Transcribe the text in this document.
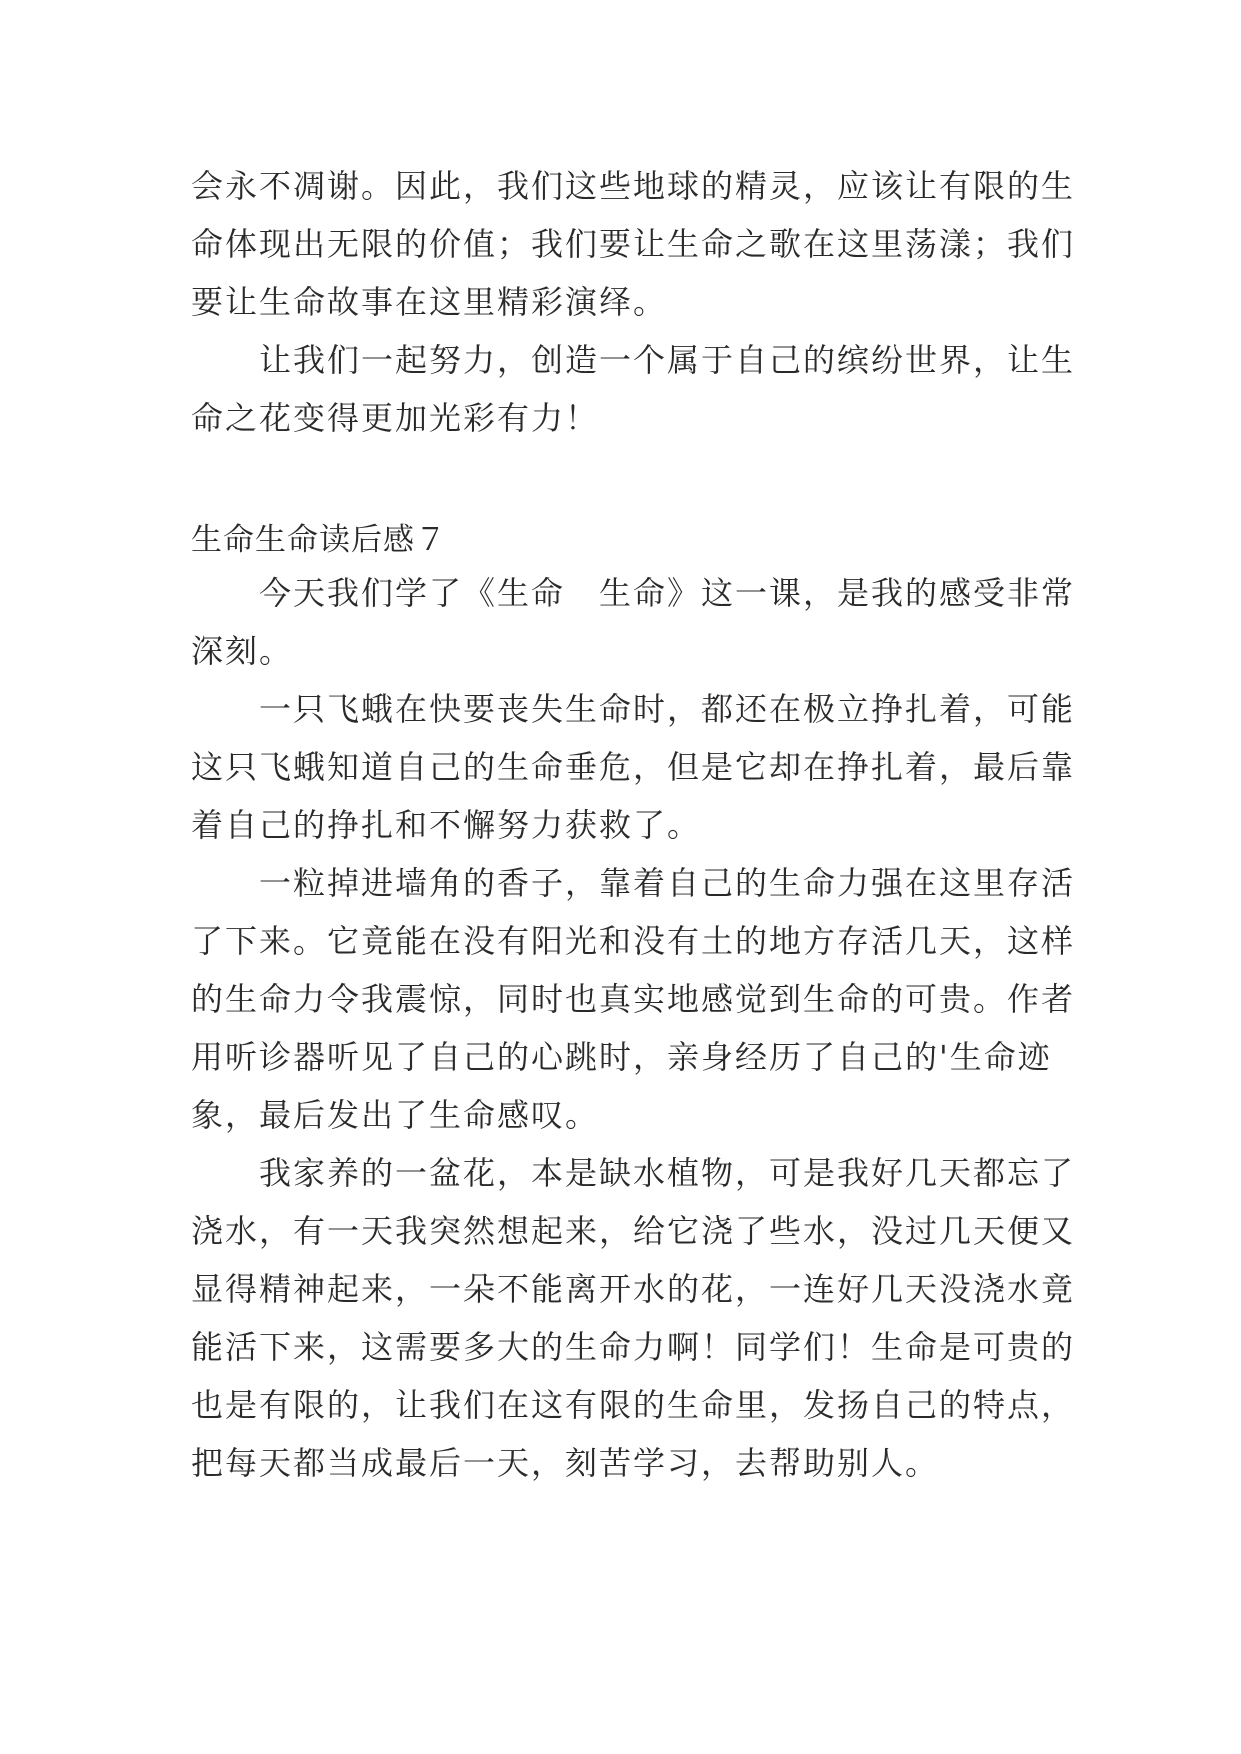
会永不凋谢。因此，我们这些地球的精灵，应该让有限的生
命体现出无限的价值；我们要让生命之歌在这里荡漾；我们
要让生命故事在这里精彩演绎。
让我们一起努力，创造一个属于自己的缤纷世界，让生
命之花变得更加光彩有力！
生命生命读后感７
今天我们学了《生命　生命》这一课，是我的感受非常
深刻。
一只飞蛾在快要丧失生命时，都还在极立挣扎着，可能
这只飞蛾知道自己的生命垂危，但是它却在挣扎着，最后靠
着自己的挣扎和不懈努力获救了。
一粒掉进墙角的香子，靠着自己的生命力强在这里存活
了下来。它竟能在没有阳光和没有土的地方存活几天，这样
的生命力令我震惊，同时也真实地感觉到生命的可贵。作者
用听诊器听见了自己的心跳时，亲身经历了自己的'生命迹
象，最后发出了生命感叹。
我家养的一盆花，本是缺水植物，可是我好几天都忘了
浇水，有一天我突然想起来，给它浇了些水，没过几天便又
显得精神起来，一朵不能离开水的花，一连好几天没浇水竟
能活下来，这需要多大的生命力啊！同学们！生命是可贵的
也是有限的，让我们在这有限的生命里，发扬自己的特点，
把每天都当成最后一天，刻苦学习，去帮助别人。
